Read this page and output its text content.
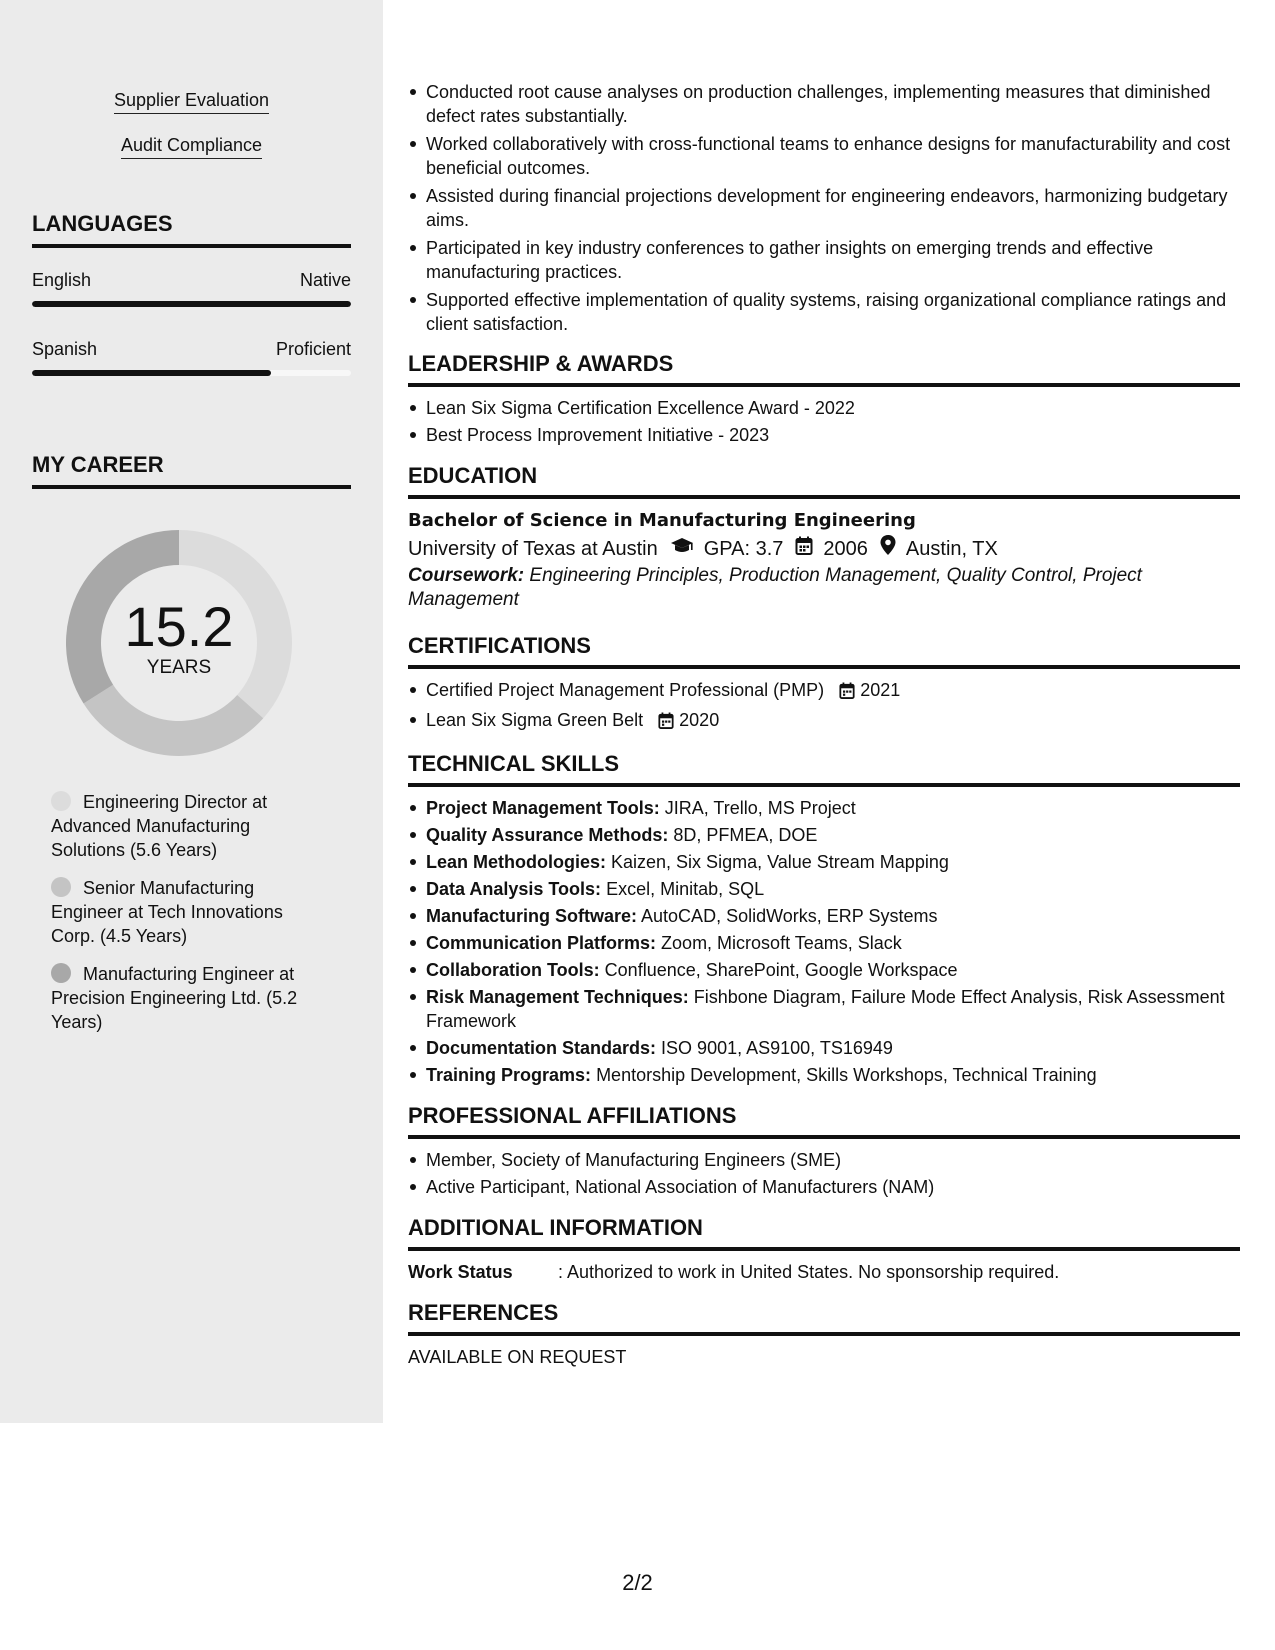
Supplier Evaluation
Audit Compliance
LANGUAGES
English	Native
Spanish	Proficient
MY CAREER
15.2
YEARS
Engineering Director at Advanced Manufacturing Solutions (5.6 Years)
Senior Manufacturing Engineer at Tech Innovations Corp. (4.5 Years)
Manufacturing Engineer at Precision Engineering Ltd. (5.2 Years)
Conducted root cause analyses on production challenges, implementing measures that diminished defect rates substantially.
Worked collaboratively with cross-functional teams to enhance designs for manufacturability and cost beneficial outcomes.
Assisted during financial projections development for engineering endeavors, harmonizing budgetary aims.
Participated in key industry conferences to gather insights on emerging trends and effective manufacturing practices.
Supported effective implementation of quality systems, raising organizational compliance ratings and client satisfaction.
LEADERSHIP & AWARDS
Lean Six Sigma Certification Excellence Award - 2022
Best Process Improvement Initiative - 2023
EDUCATION
Bachelor of Science in Manufacturing Engineering
University of Texas at Austin GPA: 3.7 2006 Austin, TX
Coursework: Engineering Principles, Production Management, Quality Control, Project Management
CERTIFICATIONS
Certified Project Management Professional (PMP) 2021
Lean Six Sigma Green Belt 2020
TECHNICAL SKILLS
Project Management Tools: JIRA, Trello, MS Project
Quality Assurance Methods: 8D, PFMEA, DOE
Lean Methodologies: Kaizen, Six Sigma, Value Stream Mapping
Data Analysis Tools: Excel, Minitab, SQL
Manufacturing Software: AutoCAD, SolidWorks, ERP Systems
Communication Platforms: Zoom, Microsoft Teams, Slack
Collaboration Tools: Confluence, SharePoint, Google Workspace
Risk Management Techniques: Fishbone Diagram, Failure Mode Effect Analysis, Risk Assessment Framework
Documentation Standards: ISO 9001, AS9100, TS16949
Training Programs: Mentorship Development, Skills Workshops, Technical Training
PROFESSIONAL AFFILIATIONS
Member, Society of Manufacturing Engineers (SME)
Active Participant, National Association of Manufacturers (NAM)
ADDITIONAL INFORMATION
Work Status	: Authorized to work in United States. No sponsorship required.
REFERENCES
AVAILABLE ON REQUEST
2/2
